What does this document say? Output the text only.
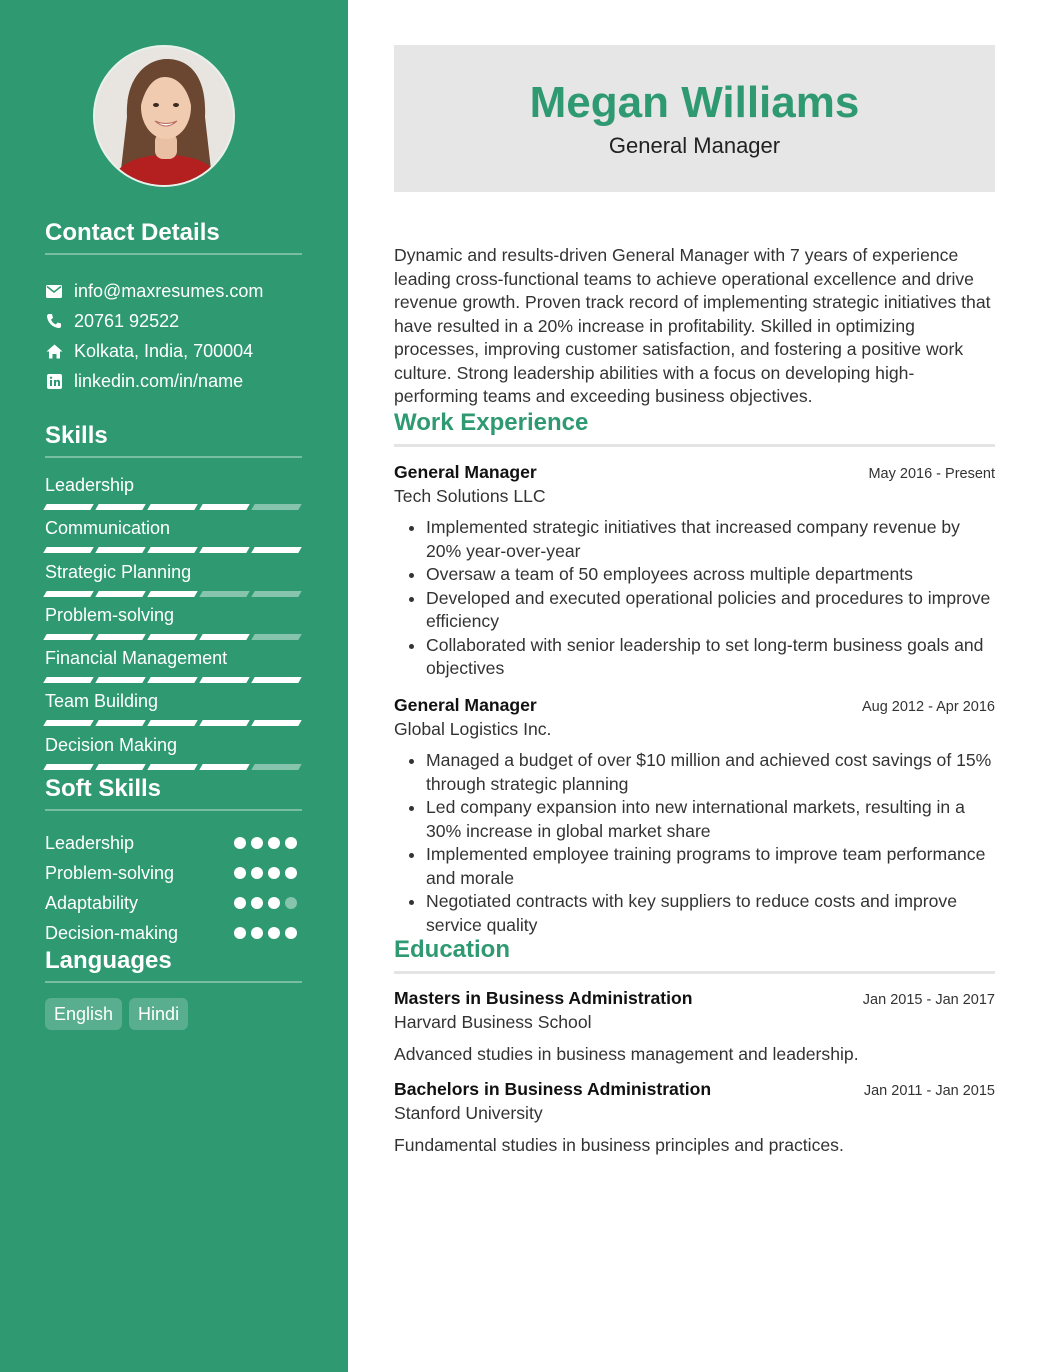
Contact Details
info@maxresumes.com
20761 92522
Kolkata, India, 700004
linkedin.com/in/name
Skills
Leadership
Communication
Strategic Planning
Problem-solving
Financial Management
Team Building
Decision Making
Soft Skills
Leadership
Problem-solving
Adaptability
Decision-making
Languages
English	Hindi
Megan Williams
General Manager
Dynamic and results-driven General Manager with 7 years of experience leading cross-functional teams to achieve operational excellence and drive revenue growth. Proven track record of implementing strategic initiatives that have resulted in a 20% increase in profitability. Skilled in optimizing processes, improving customer satisfaction, and fostering a positive work culture. Strong leadership abilities with a focus on developing high-performing teams and exceeding business objectives.
Work Experience
General Manager	May 2016 - Present
Tech Solutions LLC
• Implemented strategic initiatives that increased company revenue by 20% year-over-year
• Oversaw a team of 50 employees across multiple departments
• Developed and executed operational policies and procedures to improve efficiency
• Collaborated with senior leadership to set long-term business goals and objectives
General Manager	Aug 2012 - Apr 2016
Global Logistics Inc.
• Managed a budget of over $10 million and achieved cost savings of 15% through strategic planning
• Led company expansion into new international markets, resulting in a 30% increase in global market share
• Implemented employee training programs to improve team performance and morale
• Negotiated contracts with key suppliers to reduce costs and improve service quality
Education
Masters in Business Administration	Jan 2015 - Jan 2017
Harvard Business School
Advanced studies in business management and leadership.
Bachelors in Business Administration	Jan 2011 - Jan 2015
Stanford University
Fundamental studies in business principles and practices.
